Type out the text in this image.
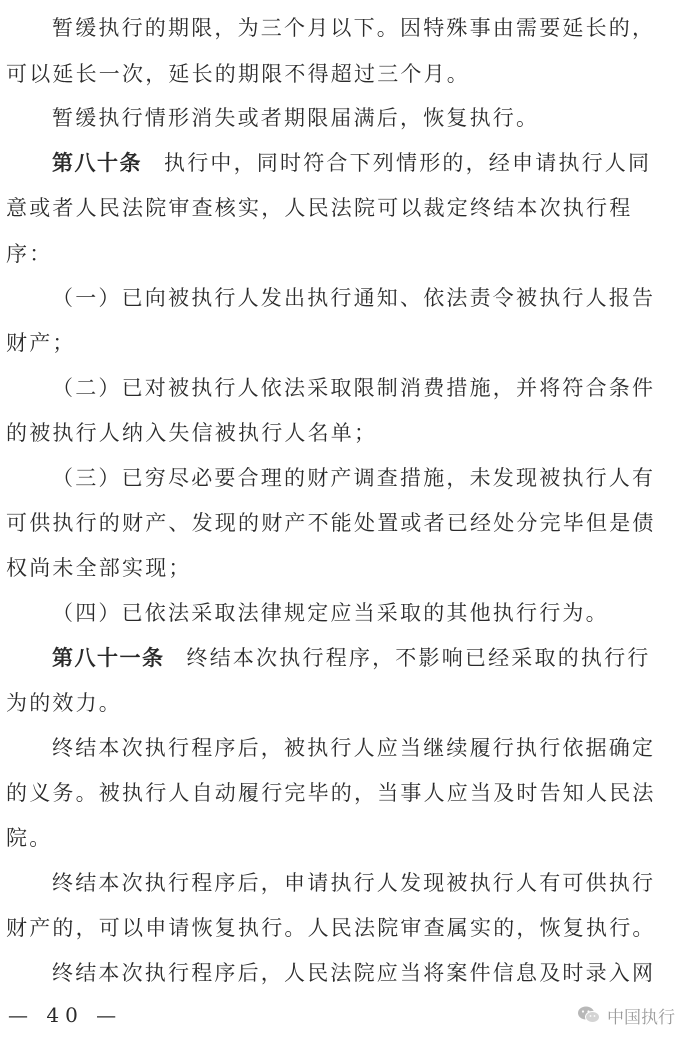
暂缓执行的期限，为三个月以下。因特殊事由需要延长的，
可以延长一次，延长的期限不得超过三个月。
暂缓执行情形消失或者期限届满后，恢复执行。
第八十条 执行中，同时符合下列情形的，经申请执行人同
意或者人民法院审查核实，人民法院可以裁定终结本次执行程
序：
（一）已向被执行人发出执行通知、依法责令被执行人报告
财产；
（二）已对被执行人依法采取限制消费措施，并将符合条件
的被执行人纳入失信被执行人名单；
（三）已穷尽必要合理的财产调查措施，未发现被执行人有
可供执行的财产、发现的财产不能处置或者已经处分完毕但是债
权尚未全部实现；
（四）已依法采取法律规定应当采取的其他执行行为。
第八十一条 终结本次执行程序，不影响已经采取的执行行
为的效力。
终结本次执行程序后，被执行人应当继续履行执行依据确定
的义务。被执行人自动履行完毕的，当事人应当及时告知人民法
院。
终结本次执行程序后，申请执行人发现被执行人有可供执行
财产的，可以申请恢复执行。人民法院审查属实的，恢复执行。
终结本次执行程序后，人民法院应当将案件信息及时录入网
— 40 —	中国执行
